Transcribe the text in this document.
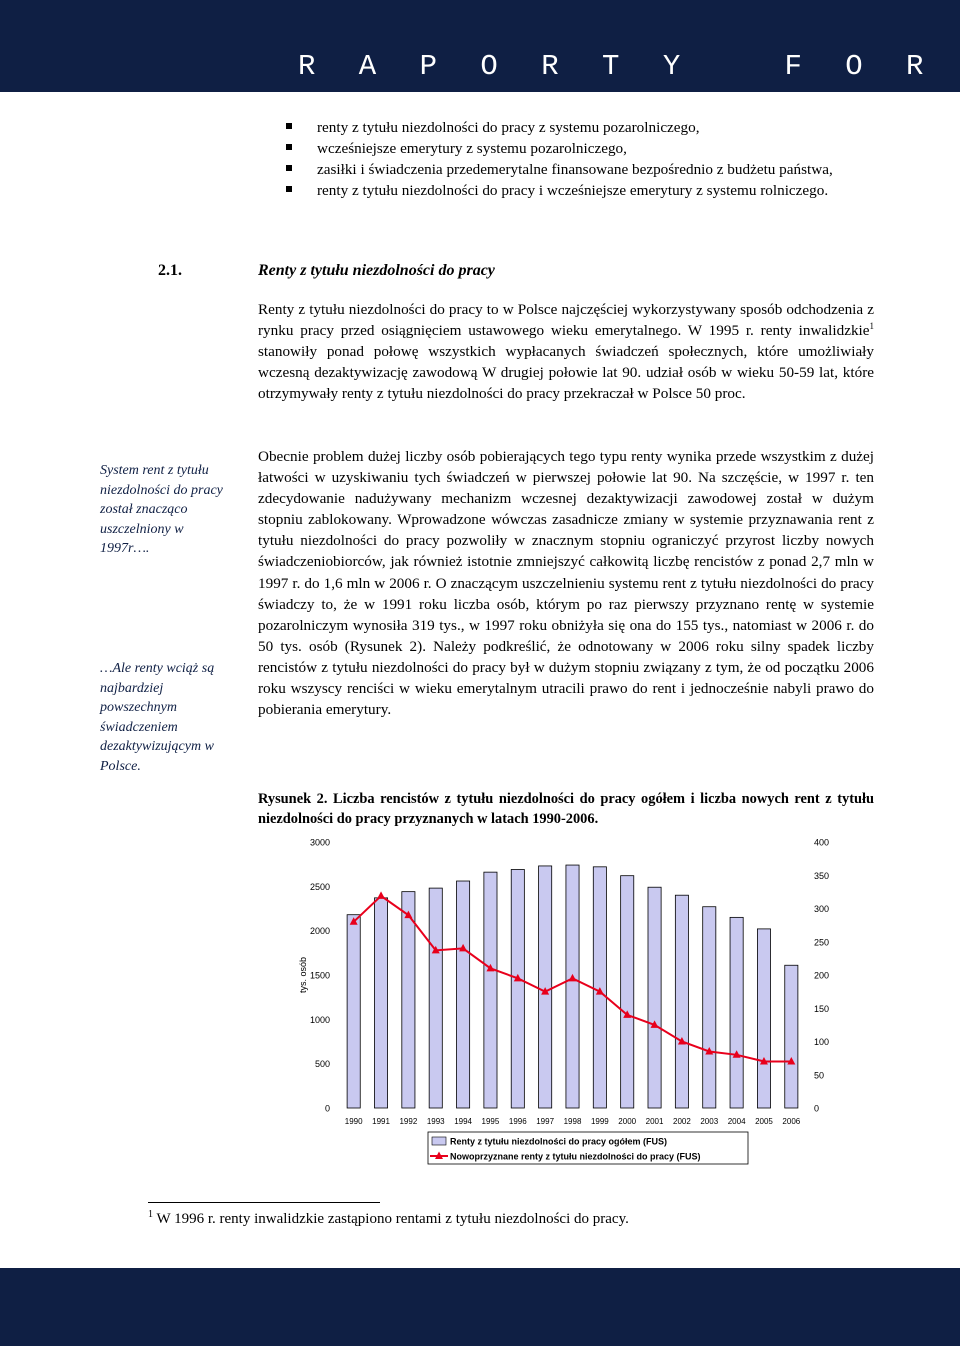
R A P O R T Y   F O R
renty z tytułu niezdolności do pracy z systemu pozarolniczego,
wcześniejsze emerytury z systemu pozarolniczego,
zasiłki i świadczenia przedemerytalne finansowane bezpośrednio z budżetu państwa,
renty z tytułu niezdolności do pracy i wcześniejsze emerytury z systemu rolniczego.
2.1.	Renty z tytułu niezdolności do pracy

Renty z tytułu niezdolności do pracy to w Polsce najczęściej wykorzystywany sposób odchodzenia z rynku pracy przed osiągnięciem ustawowego wieku emerytalnego. W 1995 r. renty inwalidzkie$^1$ stanowiły ponad połowę wszystkich wypłacanych świadczeń społecznych, które umożliwiały wczesną dezaktywizację zawodową W drugiej połowie lat 90. udział osób w wieku 50-59 lat, które otrzymywały renty z tytułu niezdolności do pracy przekraczał w Polsce 50 proc.

System rent z tytułu niezdolności do pracy został znacząco uszczelniony w 1997r….

…Ale renty wciąż są najbardziej powszechnym świadczeniem dezaktywizującym w Polsce.

Obecnie problem dużej liczby osób pobierających tego typu renty wynika przede wszystkim z dużej łatwości w uzyskiwaniu tych świadczeń w pierwszej połowie lat 90. Na szczęście, w 1997 r. ten zdecydowanie nadużywany mechanizm wczesnej dezaktywizacji zawodowej został w dużym stopniu zablokowany. Wprowadzone wówczas zasadnicze zmiany w systemie przyznawania rent z tytułu niezdolności do pracy pozwoliły w znacznym stopniu ograniczyć przyrost liczby nowych świadczeniobiorców, jak również istotnie zmniejszyć całkowitą liczbę rencistów z ponad 2,7 mln w 1997 r. do 1,6 mln w 2006 r. O znaczącym uszczelnieniu systemu rent z tytułu niezdolności do pracy świadczy to, że w 1991 roku liczba osób, którym po raz pierwszy przyznano rentę w systemie pozarolniczym wynosiła 319 tys., w 1997 roku obniżyła się ona do 155 tys., natomiast w 2006 r. do 50 tys. osób (Rysunek 2). Należy podkreślić, że odnotowany w 2006 roku silny spadek liczby rencistów z tytułu niezdolności do pracy był w dużym stopniu związany z tym, że od początku 2006 roku wszyscy renciści w wieku emerytalnym utracili prawo do rent i jednocześnie nabyli prawo do pobierania emerytury.

Rysunek 2. Liczba rencistów z tytułu niezdolności do pracy ogółem i liczba nowych rent z tytułu niezdolności do pracy przyznanych w latach 1990-2006.

0
500
1000
1500
2000
2500
3000
0
50
100
150
200
250
300
350
400
tys. osób
1990 1991 1992 1993 1994 1995 1996 1997 1998 1999 2000 2001 2002 2003 2004 2005 2006
Renty z tytułu niezdolności do pracy ogółem (FUS)
Nowoprzyznane renty z tytułu niezdolności do pracy (FUS)
$^1$ W 1996 r. renty inwalidzkie zastąpiono rentami z tytułu niezdolności do pracy.
